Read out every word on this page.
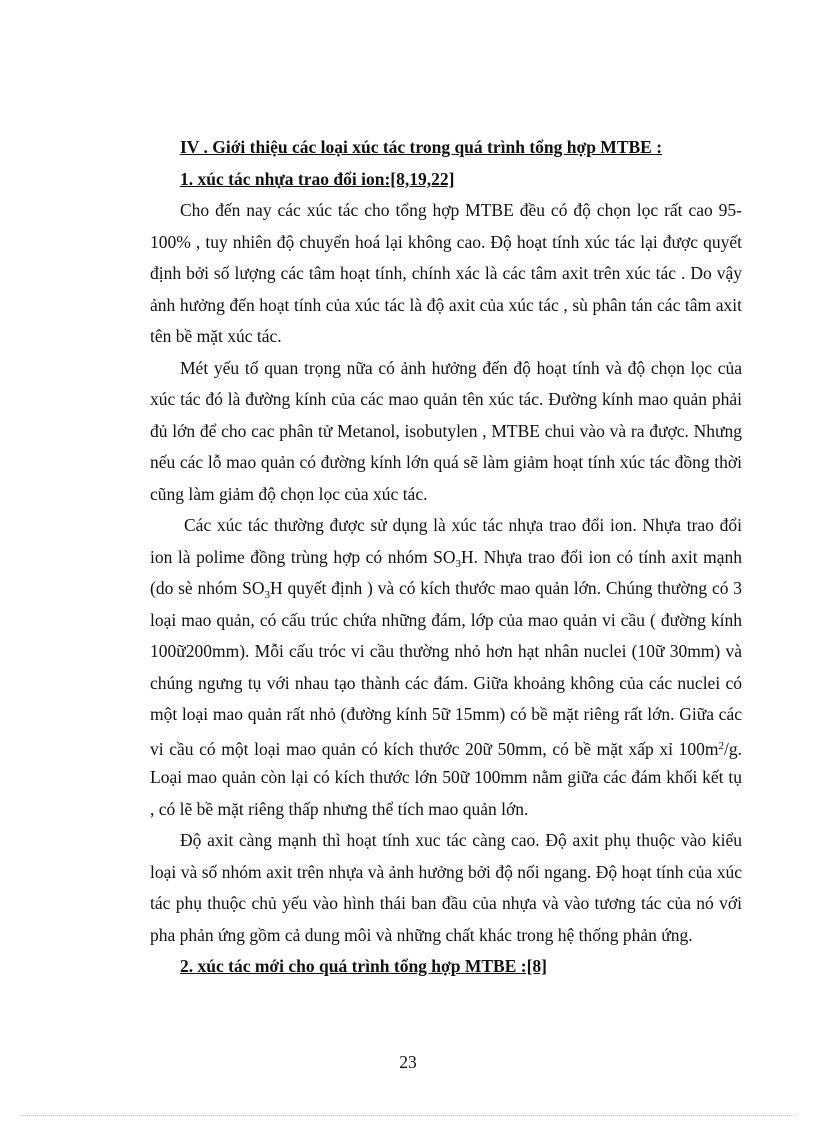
IV . Giới thiệu các loại xúc tác trong quá trình tổng hợp MTBE :
1. xúc tác nhựa trao đổi ion:[8,19,22]
Cho đến nay các xúc tác cho tổng hợp MTBE đều có độ chọn lọc rất cao 95-
100% , tuy nhiên độ chuyển hoá lại không cao. Độ hoạt tính xúc tác lại được quyết
định bởi số lượng các tâm hoạt tính, chính xác là các tâm axit trên xúc tác . Do vậy
ảnh hưởng đến hoạt tính của xúc tác là độ axit của xúc tác , sù phân tán các tâm axit
tên bề mặt xúc tác.
Mét yếu tố quan trọng nữa có ảnh hưởng đến độ hoạt tính và độ chọn lọc của
xúc tác đó là đường kính của các mao quản tên xúc tác. Đường kính mao quản phải
đủ lớn để cho cac phân tử Metanol, isobutylen , MTBE chui vào và ra được. Nhưng
nếu các lỗ mao quản có đường kính lớn quá sẽ làm giảm hoạt tính xúc tác đồng thời
cũng làm giảm độ chọn lọc của xúc tác.
Các xúc tác thường được sử dụng là xúc tác nhựa trao đổi ion. Nhựa trao đổi
ion là polime đồng trùng hợp có nhóm $SO_3H$. Nhựa trao đổi ion có tính axit mạnh
(do sè nhóm $SO_3H$ quyết định ) và có kích thước mao quản lớn. Chúng thường có 3
loại mao quản, có cấu trúc chứa những đám, lớp của mao quản vi cầu ( đường kính
100ữ200mm). Mỗi cấu tróc vi cầu thường nhỏ hơn hạt nhân nuclei (10ữ 30mm) và
chúng ngưng tụ với nhau tạo thành các đám. Giữa khoảng không của các nuclei có
một loại mao quản rất nhỏ (đường kính 5ữ 15mm) có bề mặt riêng rất lớn. Giữa các
vi cầu có một loại mao quản có kích thước 20ữ 50mm, có bề mặt xấp xỉ $100m^2/g$.
Loại mao quản còn lại có kích thước lớn 50ữ 100mm nằm giữa các đám khối kết tụ
, có lẽ bề mặt riêng thấp nhưng thể tích mao quản lớn.
Độ axit càng mạnh thì hoạt tính xuc tác càng cao. Độ axit phụ thuộc vào kiểu
loại và số nhóm axit trên nhựa và ảnh hưởng bởi độ nối ngang. Độ hoạt tính của xúc
tác phụ thuộc chủ yếu vào hình thái ban đầu của nhựa và vào tương tác của nó với
pha phản ứng gồm cả dung môi và những chất khác trong hệ thống phản ứng.
2. xúc tác mới cho quá trình tổng hợp MTBE :[8]
23
